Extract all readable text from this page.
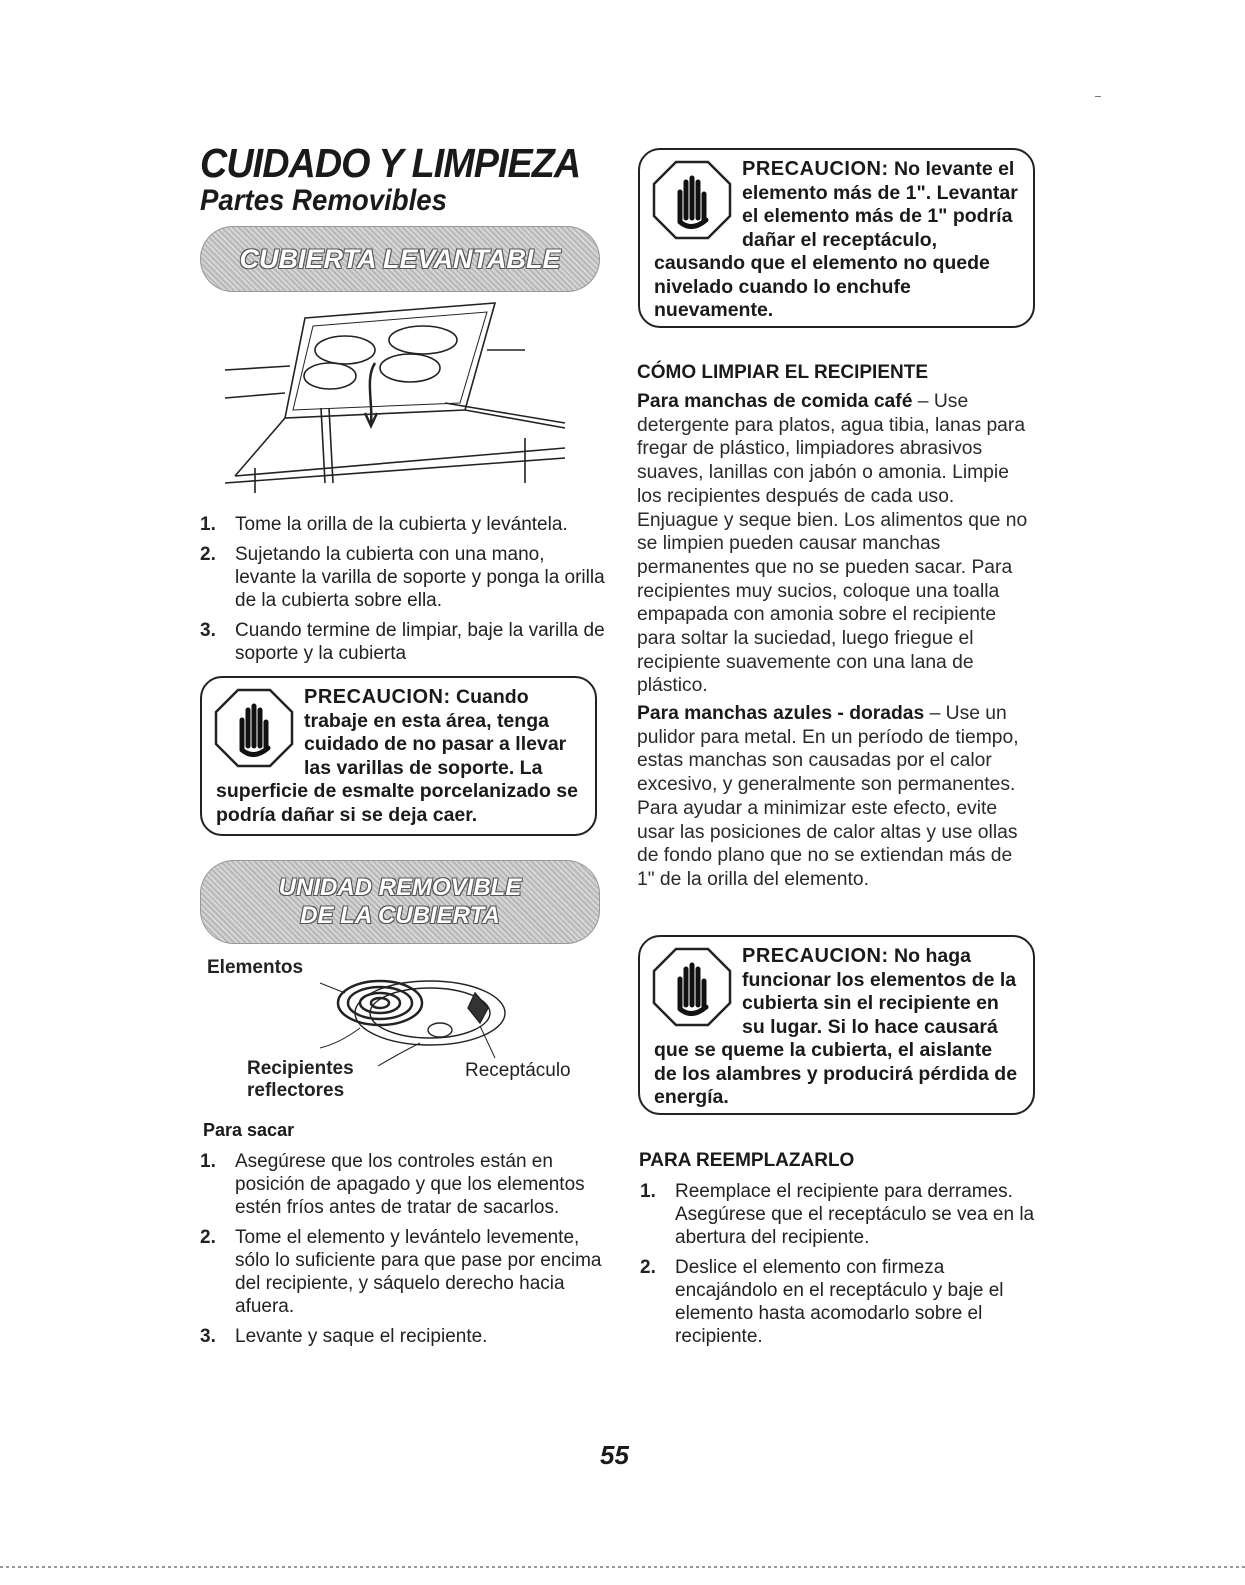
CUIDADO Y LIMPIEZA
Partes Removibles
CUBIERTA LEVANTABLE
1. Tome la orilla de la cubierta y levántela.
2. Sujetando la cubierta con una mano, levante la varilla de soporte y ponga la orilla de la cubierta sobre ella.
3. Cuando termine de limpiar, baje la varilla de soporte y la cubierta
PRECAUCION: Cuando trabaje en esta área, tenga cuidado de no pasar a llevar las varillas de soporte. La superficie de esmalte porcelanizado se podría dañar si se deja caer.
UNIDAD REMOVIBLE
DE LA CUBIERTA
Elementos
Recipientes
reflectores
Receptáculo
Para sacar
1. Asegúrese que los controles están en posición de apagado y que los elementos estén fríos antes de tratar de sacarlos.
2. Tome el elemento y levántelo levemente, sólo lo suficiente para que pase por encima del recipiente, y sáquelo derecho hacia afuera.
3. Levante y saque el recipiente.
PRECAUCION: No levante el elemento más de 1". Levantar el elemento más de 1" podría dañar el receptáculo, causando que el elemento no quede nivelado cuando lo enchufe nuevamente.
CÓMO LIMPIAR EL RECIPIENTE
Para manchas de comida café – Use detergente para platos, agua tibia, lanas para fregar de plástico, limpiadores abrasivos suaves, lanillas con jabón o amonia. Limpie los recipientes después de cada uso. Enjuague y seque bien. Los alimentos que no se limpien pueden causar manchas permanentes que no se pueden sacar. Para recipientes muy sucios, coloque una toalla empapada con amonia sobre el recipiente para soltar la suciedad, luego friegue el recipiente suavemente con una lana de plástico.
Para manchas azules - doradas – Use un pulidor para metal. En un período de tiempo, estas manchas son causadas por el calor excesivo, y generalmente son permanentes. Para ayudar a minimizar este efecto, evite usar las posiciones de calor altas y use ollas de fondo plano que no se extiendan más de 1" de la orilla del elemento.
PRECAUCION: No haga funcionar los elementos de la cubierta sin el recipiente en su lugar. Si lo hace causará que se queme la cubierta, el aislante de los alambres y producirá pérdida de energía.
PARA REEMPLAZARLO
1. Reemplace el recipiente para derrames. Asegúrese que el receptáculo se vea en la abertura del recipiente.
2. Deslice el elemento con firmeza encajándolo en el receptáculo y baje el elemento hasta acomodarlo sobre el recipiente.
55
